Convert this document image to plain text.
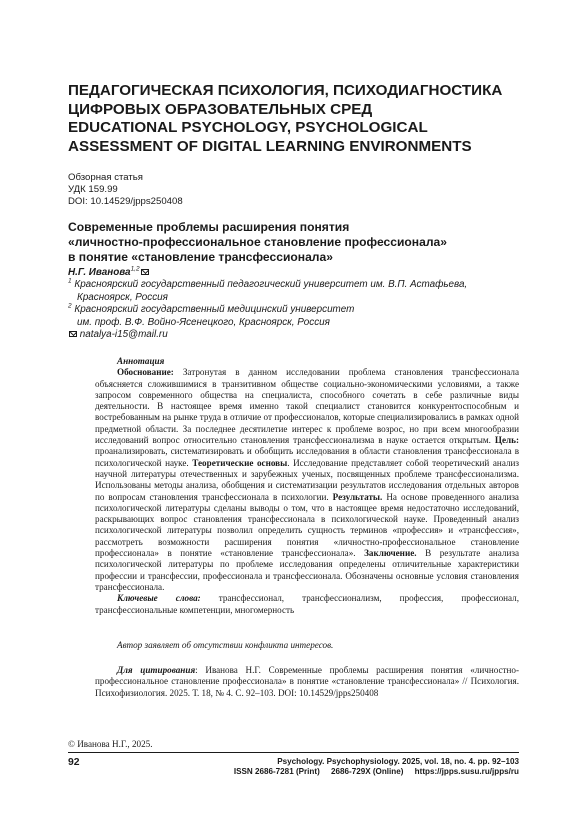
ПЕДАГОГИЧЕСКАЯ ПСИХОЛОГИЯ, ПСИХОДИАГНОСТИКА
ЦИФРОВЫХ ОБРАЗОВАТЕЛЬНЫХ СРЕД
EDUCATIONAL PSYCHOLOGY, PSYCHOLOGICAL
ASSESSMENT OF DIGITAL LEARNING ENVIRONMENTS
Обзорная статья
УДК 159.99
DOI: 10.14529/jpps250408
Современные проблемы расширения понятия
«личностно-профессиональное становление профессионала»
в понятие «становление трансфессионала»
Н.Г. Иванова$^{1,2}$
$^1$ Красноярский государственный педагогический университет им. В.П. Астафьева,
Красноярск, Россия
$^2$ Красноярский государственный медицинский университет
им. проф. В.Ф. Войно-Ясенецкого, Красноярск, Россия
natalya-i15@mail.ru
Аннотация
Обоснование: Затронутая в данном исследовании проблема становления трансфессионала объясняется сложившимися в транзитивном обществе социально-экономическими условиями, а также запросом современного общества на специалиста, способного сочетать в себе различные виды деятельности. В настоящее время именно такой специалист становится конкурентоспособным и востребованным на рынке труда в отличие от профессионалов, которые специализировались в рамках одной предметной области. За последнее десятилетие интерес к проблеме возрос, но при всем многообразии исследований вопрос относительно становления трансфессионализма в науке остается открытым. Цель: проанализировать, систематизировать и обобщить исследования в области становления трансфессионала в психологической науке. Теоретические основы. Исследование представляет собой теоретический анализ научной литературы отечественных и зарубежных ученых, посвященных проблеме трансфессионализма. Использованы методы анализа, обобщения и систематизации результатов исследования отдельных авторов по вопросам становления трансфессионала в психологии. Результаты. На основе проведенного анализа психологической литературы сделаны выводы о том, что в настоящее время недостаточно исследований, раскрывающих вопрос становления трансфессионала в психологической науке. Проведенный анализ психологической литературы позволил определить сущность терминов «профессия» и «трансфессия», рассмотреть возможности расширения понятия «личностно-профессиональное становление профессионала» в понятие «становление трансфессионала». Заключение. В результате анализа психологической литературы по проблеме исследования определены отличительные характеристики профессии и трансфессии, профессионала и трансфессионала. Обозначены основные условия становления трансфессионала.
Ключевые слова: трансфессионал, трансфессионализм, профессия, профессионал, трансфессиональные компетенции, многомерность
Автор заявляет об отсутствии конфликта интересов.
Для цитирования: Иванова Н.Г. Современные проблемы расширения понятия «личностно-профессиональное становление профессионала» в понятие «становление трансфессионала» // Психология. Психофизиология. 2025. Т. 18, № 4. С. 92–103. DOI: 10.14529/jpps250408
© Иванова Н.Г., 2025.
92	Psychology. Psychophysiology. 2025, vol. 18, no. 4. pp. 92–103
ISSN 2686-7281 (Print)     2686-729X (Online)     https://jpps.susu.ru/jpps/ru
